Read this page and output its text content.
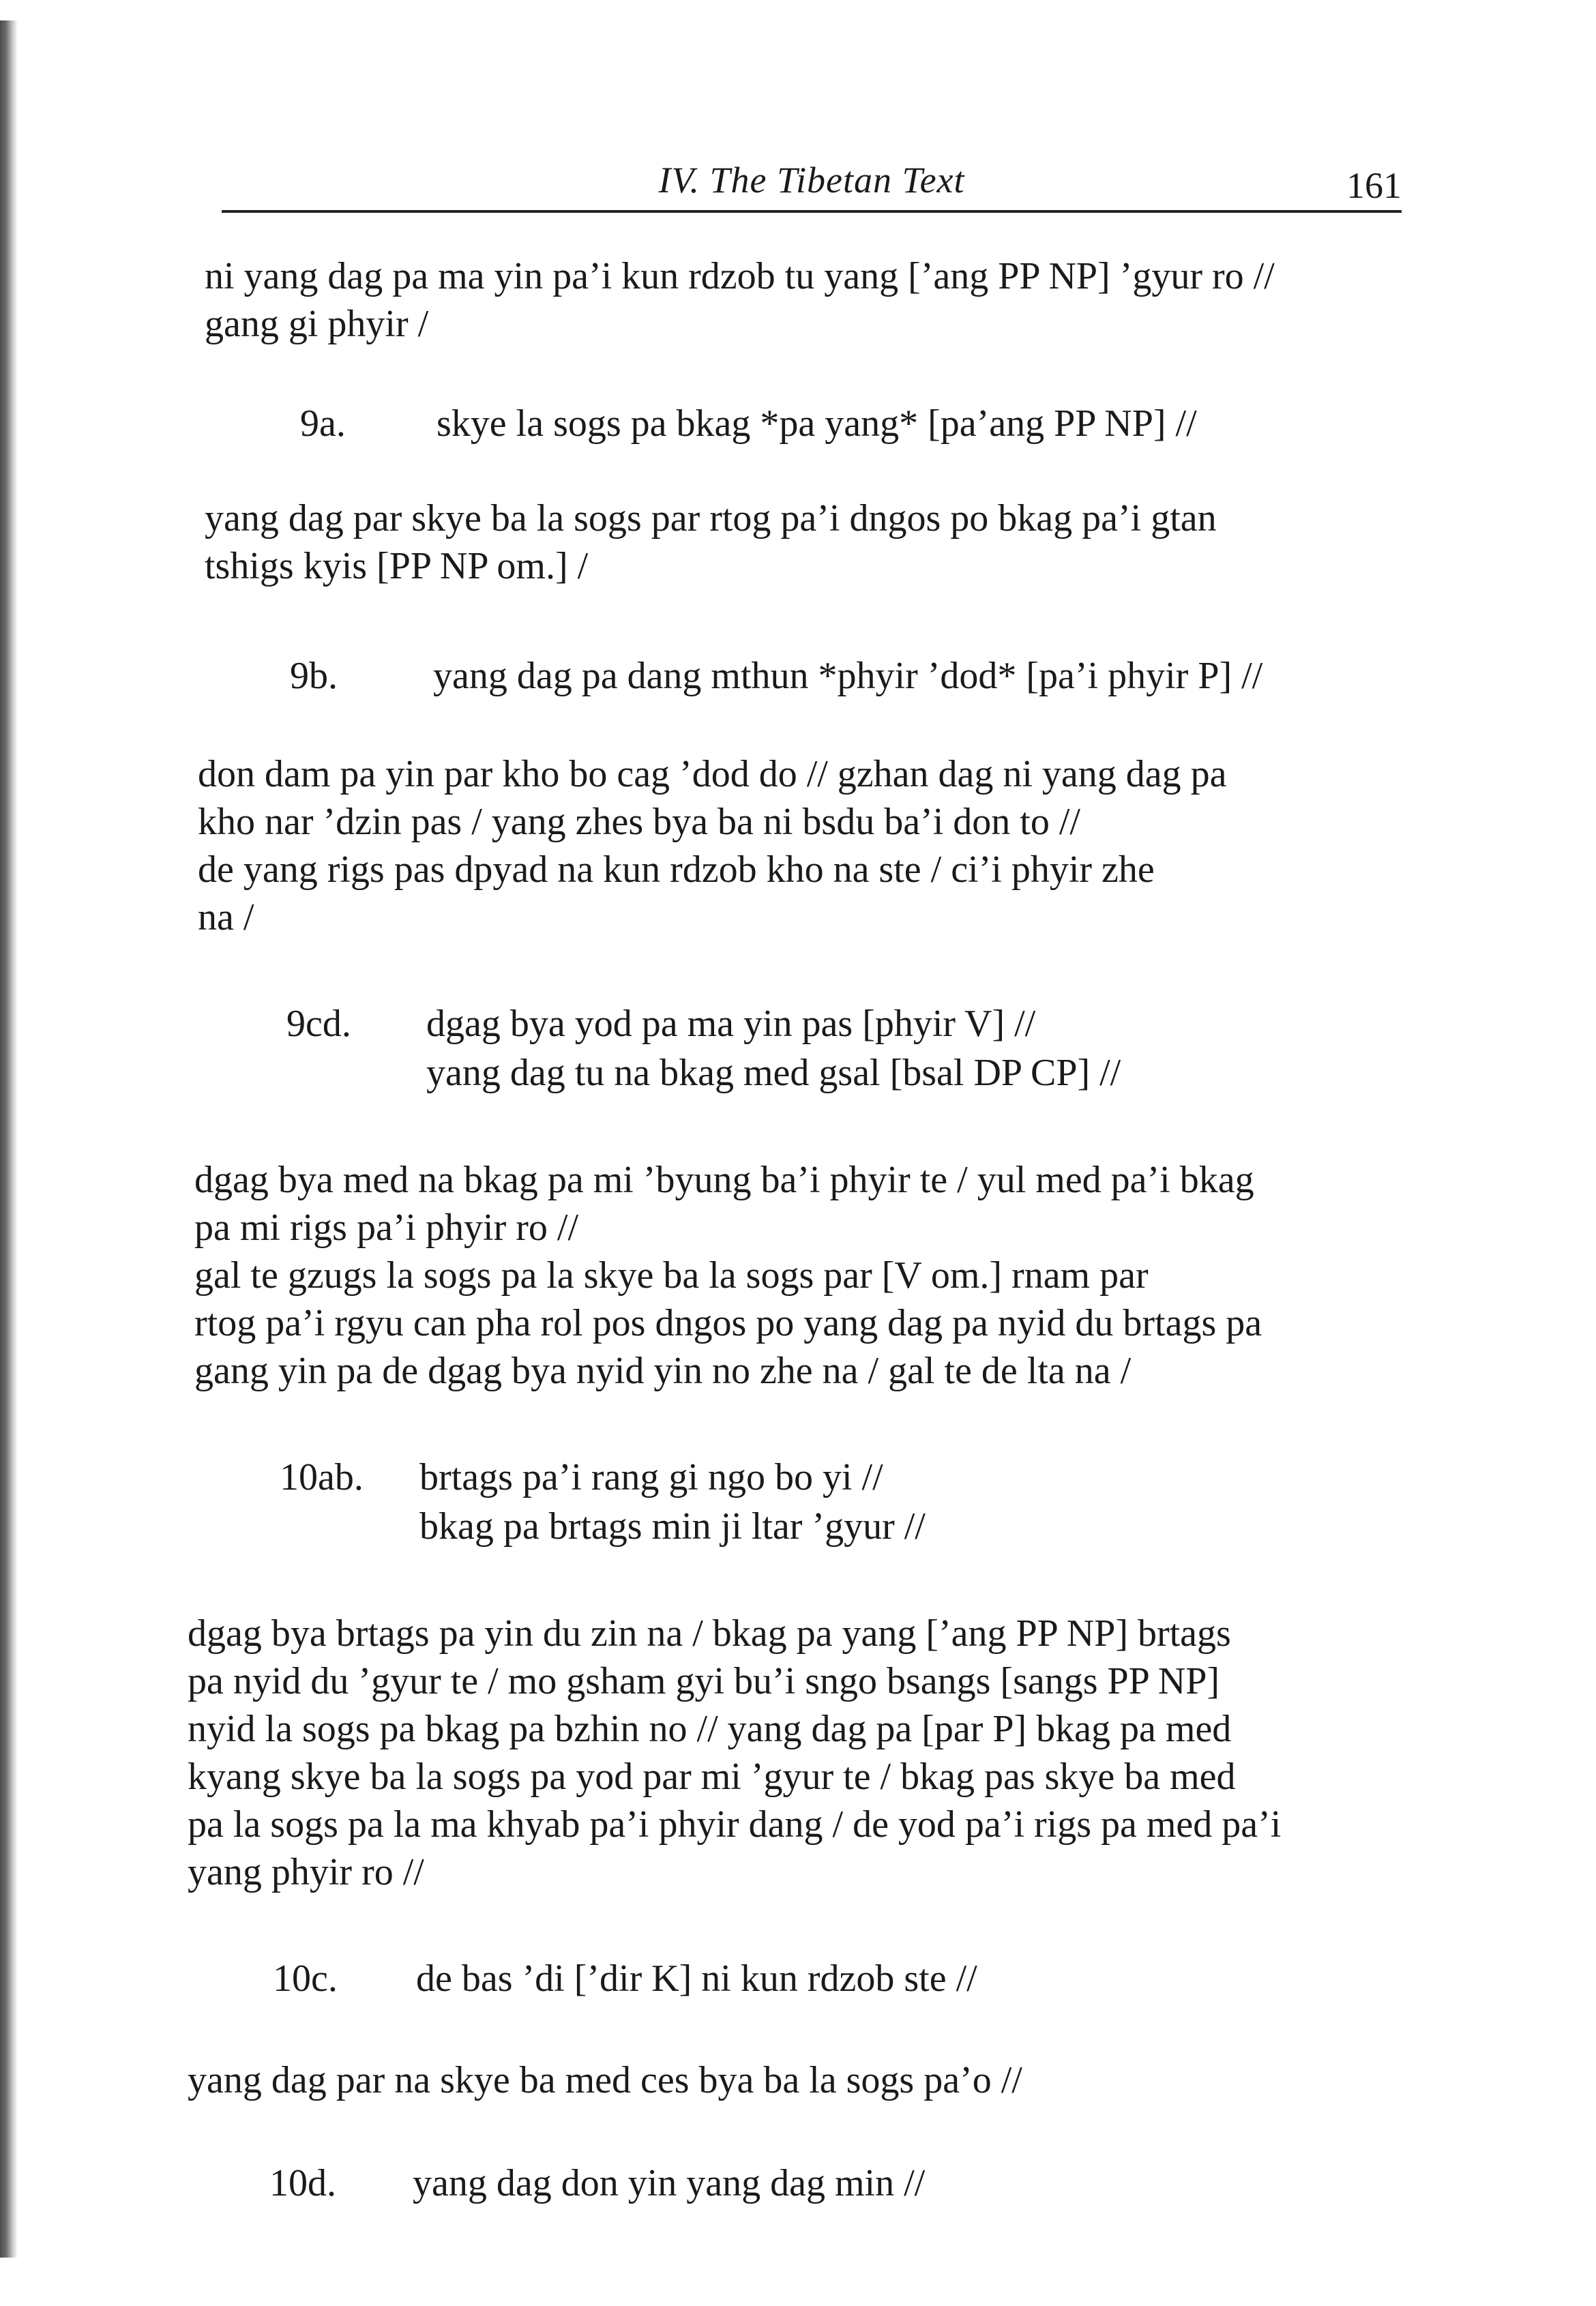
IV. The Tibetan Text	161

ni yang dag pa ma yin pa’i kun rdzob tu yang [’ang PP NP] ’gyur ro //
gang gi phyir /

9a. skye la sogs pa bkag *pa yang* [pa’ang PP NP] //

yang dag par skye ba la sogs par rtog pa’i dngos po bkag pa’i gtan
tshigs kyis [PP NP om.] /

9b.	yang dag pa dang mthun *phyir ’dod* [pa’i phyir P] //

don dam pa yin par kho bo cag ’dod do // gzhan dag ni yang dag pa
kho nar ’dzin pas / yang zhes bya ba ni bsdu ba’i don to //
de yang rigs pas dpyad na kun rdzob kho na ste / ci’i phyir zhe
na /

9cd. dgag bya yod pa ma yin pas [phyir V] //
yang dag tu na bkag med gsal [bsal DP CP] //

dgag bya med na bkag pa mi ’byung ba’i phyir te / yul med pa’i bkag
pa mi rigs pa’i phyir ro //
gal te gzugs la sogs pa la skye ba la sogs par [V om.] rnam par
rtog pa’i rgyu can pha rol pos dngos po yang dag pa nyid du brtags pa
gang yin pa de dgag bya nyid yin no zhe na / gal te de lta na /

10ab. brtags pa’i rang gi ngo bo yi //
bkag pa brtags min ji ltar ’gyur //

dgag bya brtags pa yin du zin na / bkag pa yang [’ang PP NP] brtags
pa nyid du ’gyur te / mo gsham gyi bu’i sngo bsangs [sangs PP NP]
nyid la sogs pa bkag pa bzhin no // yang dag pa [par P] bkag pa med
kyang skye ba la sogs pa yod par mi ’gyur te / bkag pas skye ba med
pa la sogs pa la ma khyab pa’i phyir dang / de yod pa’i rigs pa med pa’i
yang phyir ro //

10c. de bas ’di [’dir K] ni kun rdzob ste //

yang dag par na skye ba med ces bya ba la sogs pa’o //

10d. yang dag don yin yang dag min //
